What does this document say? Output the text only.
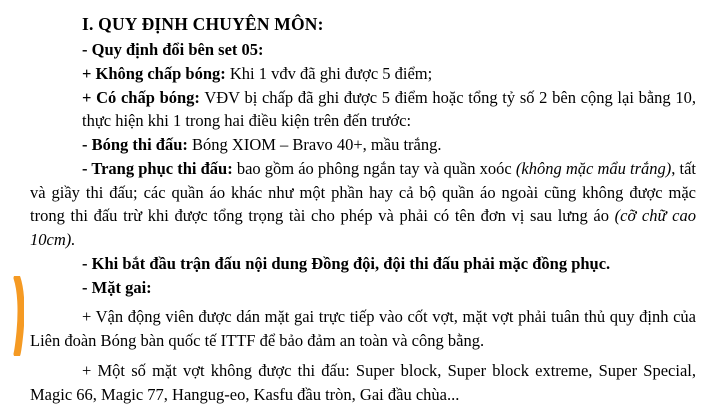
I. QUY ĐỊNH CHUYÊN MÔN:
- Quy định đổi bên set 05:
+ Không chấp bóng: Khi 1 vđv đã ghi được 5 điểm;
+ Có chấp bóng: VĐV bị chấp đã ghi được 5 điểm hoặc tổng tỷ số 2 bên cộng lại bằng 10, thực hiện khi 1 trong hai điều kiện trên đến trước:
- Bóng thi đấu: Bóng XIOM – Bravo 40+, mầu trắng.
- Trang phục thi đấu: bao gồm áo phông ngắn tay và quần xoóc (không mặc mẩu trắng), tất và giầy thi đấu; các quần áo khác như một phần hay cả bộ quần áo ngoài cũng không được mặc trong thi đấu trừ khi được tổng trọng tài cho phép và phải có tên đơn vị sau lưng áo (cỡ chữ cao 10cm).
- Khi bắt đầu trận đấu nội dung Đồng đội, đội thi đấu phải mặc đồng phục.
- Mặt gai:
+ Vận động viên được dán mặt gai trực tiếp vào cốt vợt, mặt vợt phải tuân thủ quy định của Liên đoàn Bóng bàn quốc tế ITTF để bảo đảm an toàn và công bằng.
+ Một số mặt vợt không được thi đấu: Super block, Super block extreme, Super Special, Magic 66, Magic 77, Hangug-eo, Kasfu đầu tròn, Gai đầu chùa...
